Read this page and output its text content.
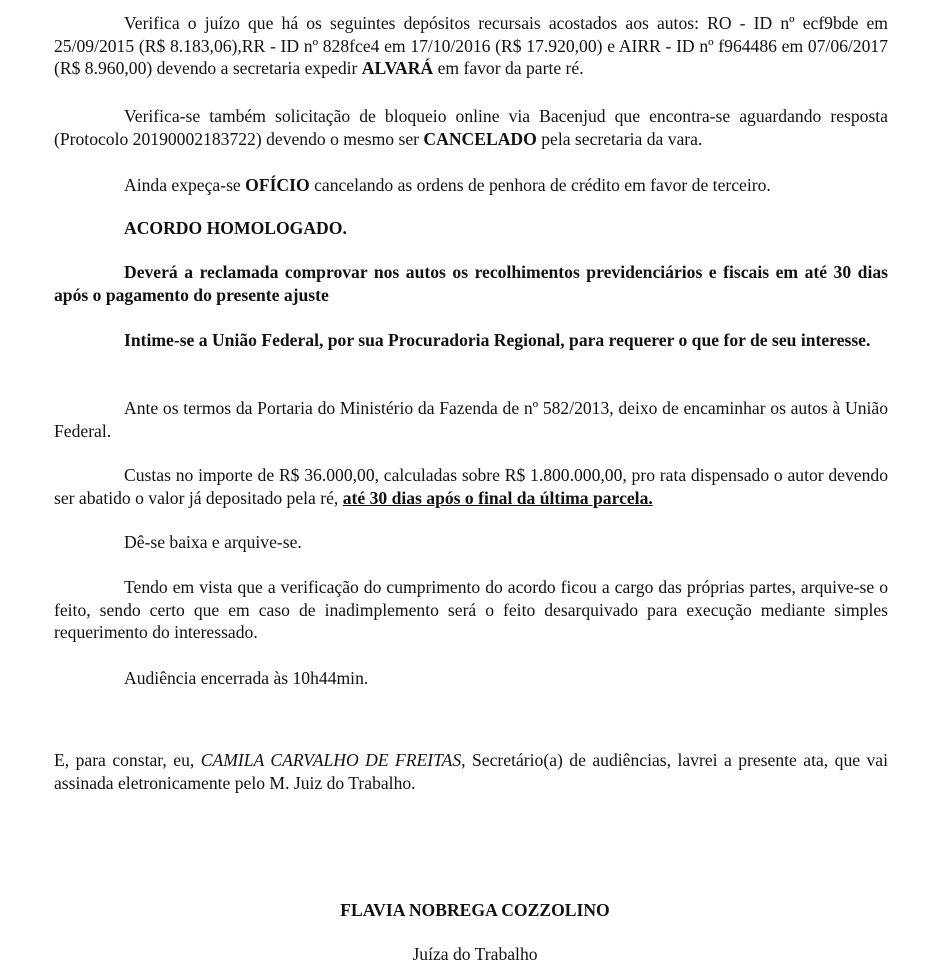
Verifica o juízo que há os seguintes depósitos recursais acostados aos autos: RO - ID nº ecf9bde em 25/09/2015 (R$ 8.183,06),RR - ID nº 828fce4 em 17/10/2016 (R$ 17.920,00) e AIRR - ID nº f964486 em 07/06/2017 (R$ 8.960,00) devendo a secretaria expedir ALVARÁ em favor da parte ré.

Verifica-se também solicitação de bloqueio online via Bacenjud que encontra-se aguardando resposta (Protocolo 20190002183722) devendo o mesmo ser CANCELADO pela secretaria da vara.

Ainda expeça-se OFÍCIO cancelando as ordens de penhora de crédito em favor de terceiro.

ACORDO HOMOLOGADO.

Deverá a reclamada comprovar nos autos os recolhimentos previdenciários e fiscais em até 30 dias após o pagamento do presente ajuste

Intime-se a União Federal, por sua Procuradoria Regional, para requerer o que for de seu interesse.

Ante os termos da Portaria do Ministério da Fazenda de nº 582/2013, deixo de encaminhar os autos à União Federal.

Custas no importe de R$ 36.000,00, calculadas sobre R$ 1.800.000,00, pro rata dispensado o autor devendo ser abatido o valor já depositado pela ré, até 30 dias após o final da última parcela.

Dê-se baixa e arquive-se.

Tendo em vista que a verificação do cumprimento do acordo ficou a cargo das próprias partes, arquive-se o feito, sendo certo que em caso de inadimplemento será o feito desarquivado para execução mediante simples requerimento do interessado.

Audiência encerrada às 10h44min.

E, para constar, eu, CAMILA CARVALHO DE FREITAS, Secretário(a) de audiências, lavrei a presente ata, que vai assinada eletronicamente pelo M. Juiz do Trabalho.

FLAVIA NOBREGA COZZOLINO
Juíza do Trabalho
